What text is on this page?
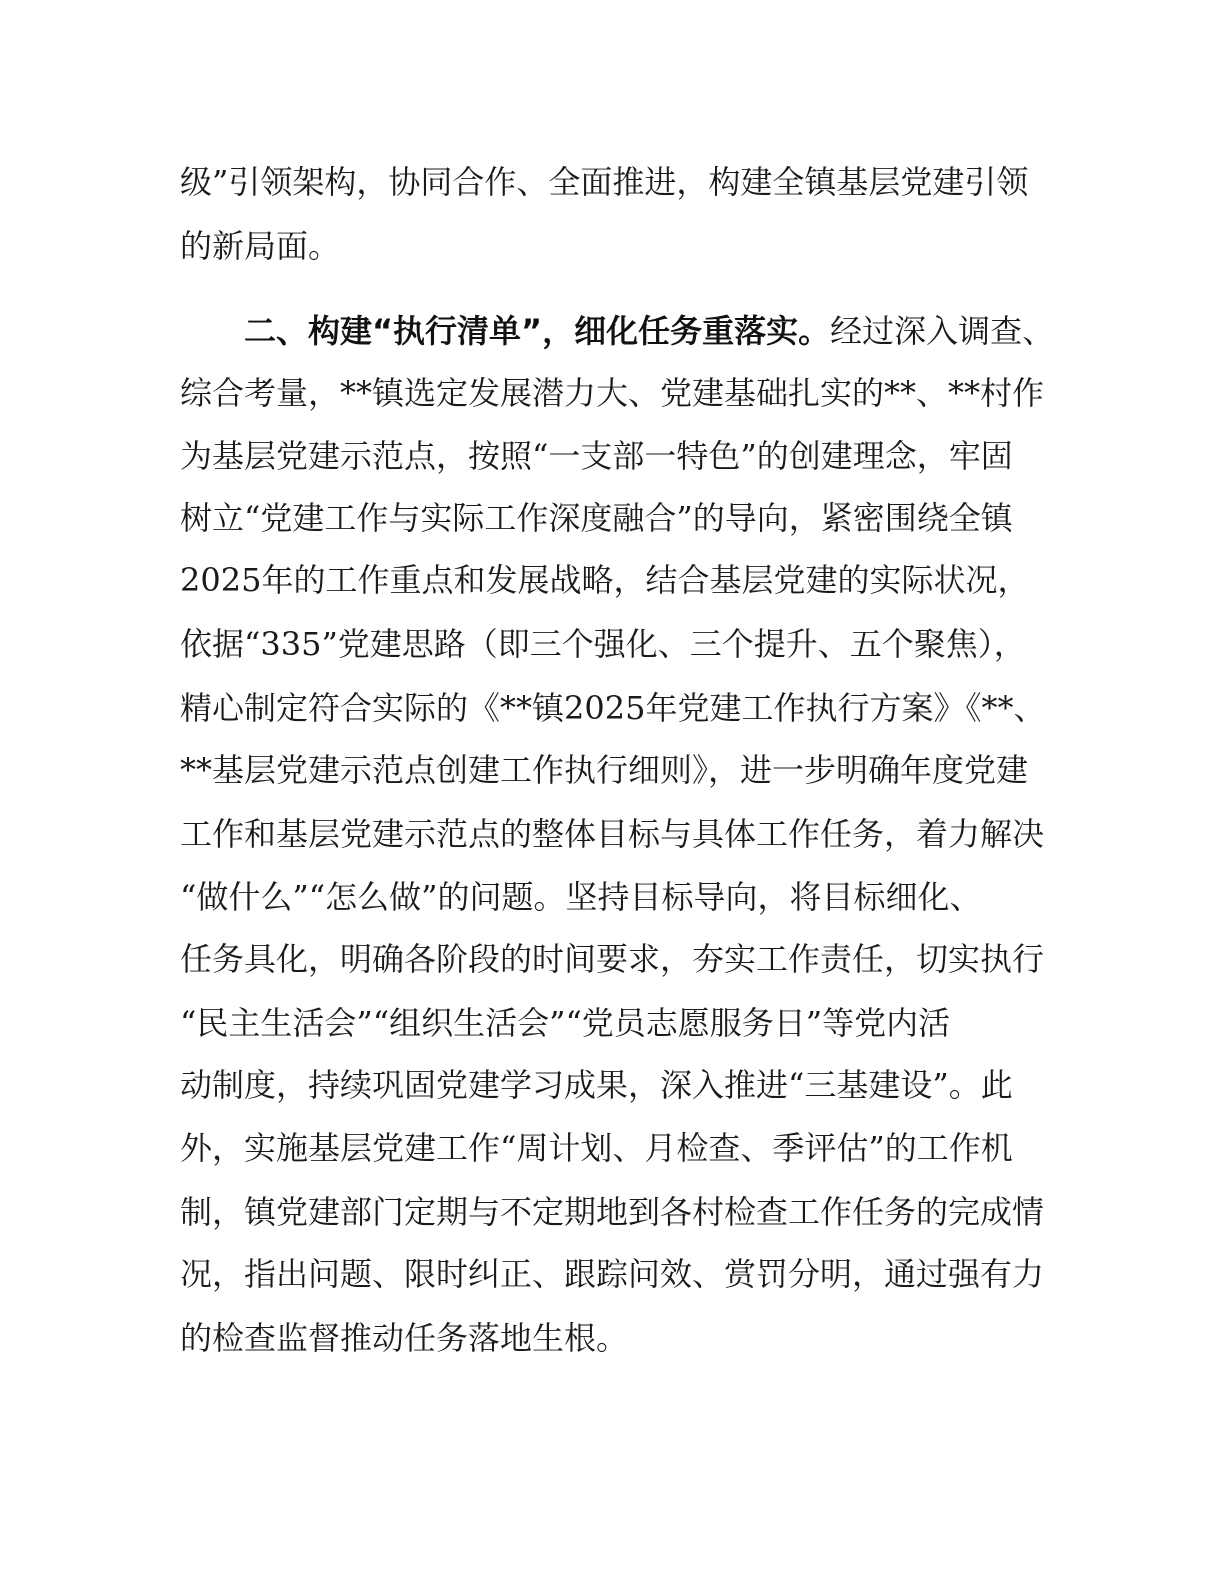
级”引领架构，协同合作、全面推进，构建全镇基层党建引领
的新局面。
二、构建“执行清单”，细化任务重落实。经过深入调查、
综合考量，**镇选定发展潜力大、党建基础扎实的**、**村作
为基层党建示范点，按照“一支部一特色”的创建理念，牢固
树立“党建工作与实际工作深度融合”的导向，紧密围绕全镇
2025年的工作重点和发展战略，结合基层党建的实际状况，
依据“335”党建思路（即三个强化、三个提升、五个聚焦），
精心制定符合实际的《**镇2025年党建工作执行方案》《**、
**基层党建示范点创建工作执行细则》，进一步明确年度党建
工作和基层党建示范点的整体目标与具体工作任务，着力解决
“做什么”“怎么做”的问题。坚持目标导向，将目标细化、
任务具化，明确各阶段的时间要求，夯实工作责任，切实执行
“民主生活会”“组织生活会”“党员志愿服务日”等党内活
动制度，持续巩固党建学习成果，深入推进“三基建设”。此
外，实施基层党建工作“周计划、月检查、季评估”的工作机
制，镇党建部门定期与不定期地到各村检查工作任务的完成情
况，指出问题、限时纠正、跟踪问效、赏罚分明，通过强有力
的检查监督推动任务落地生根。
